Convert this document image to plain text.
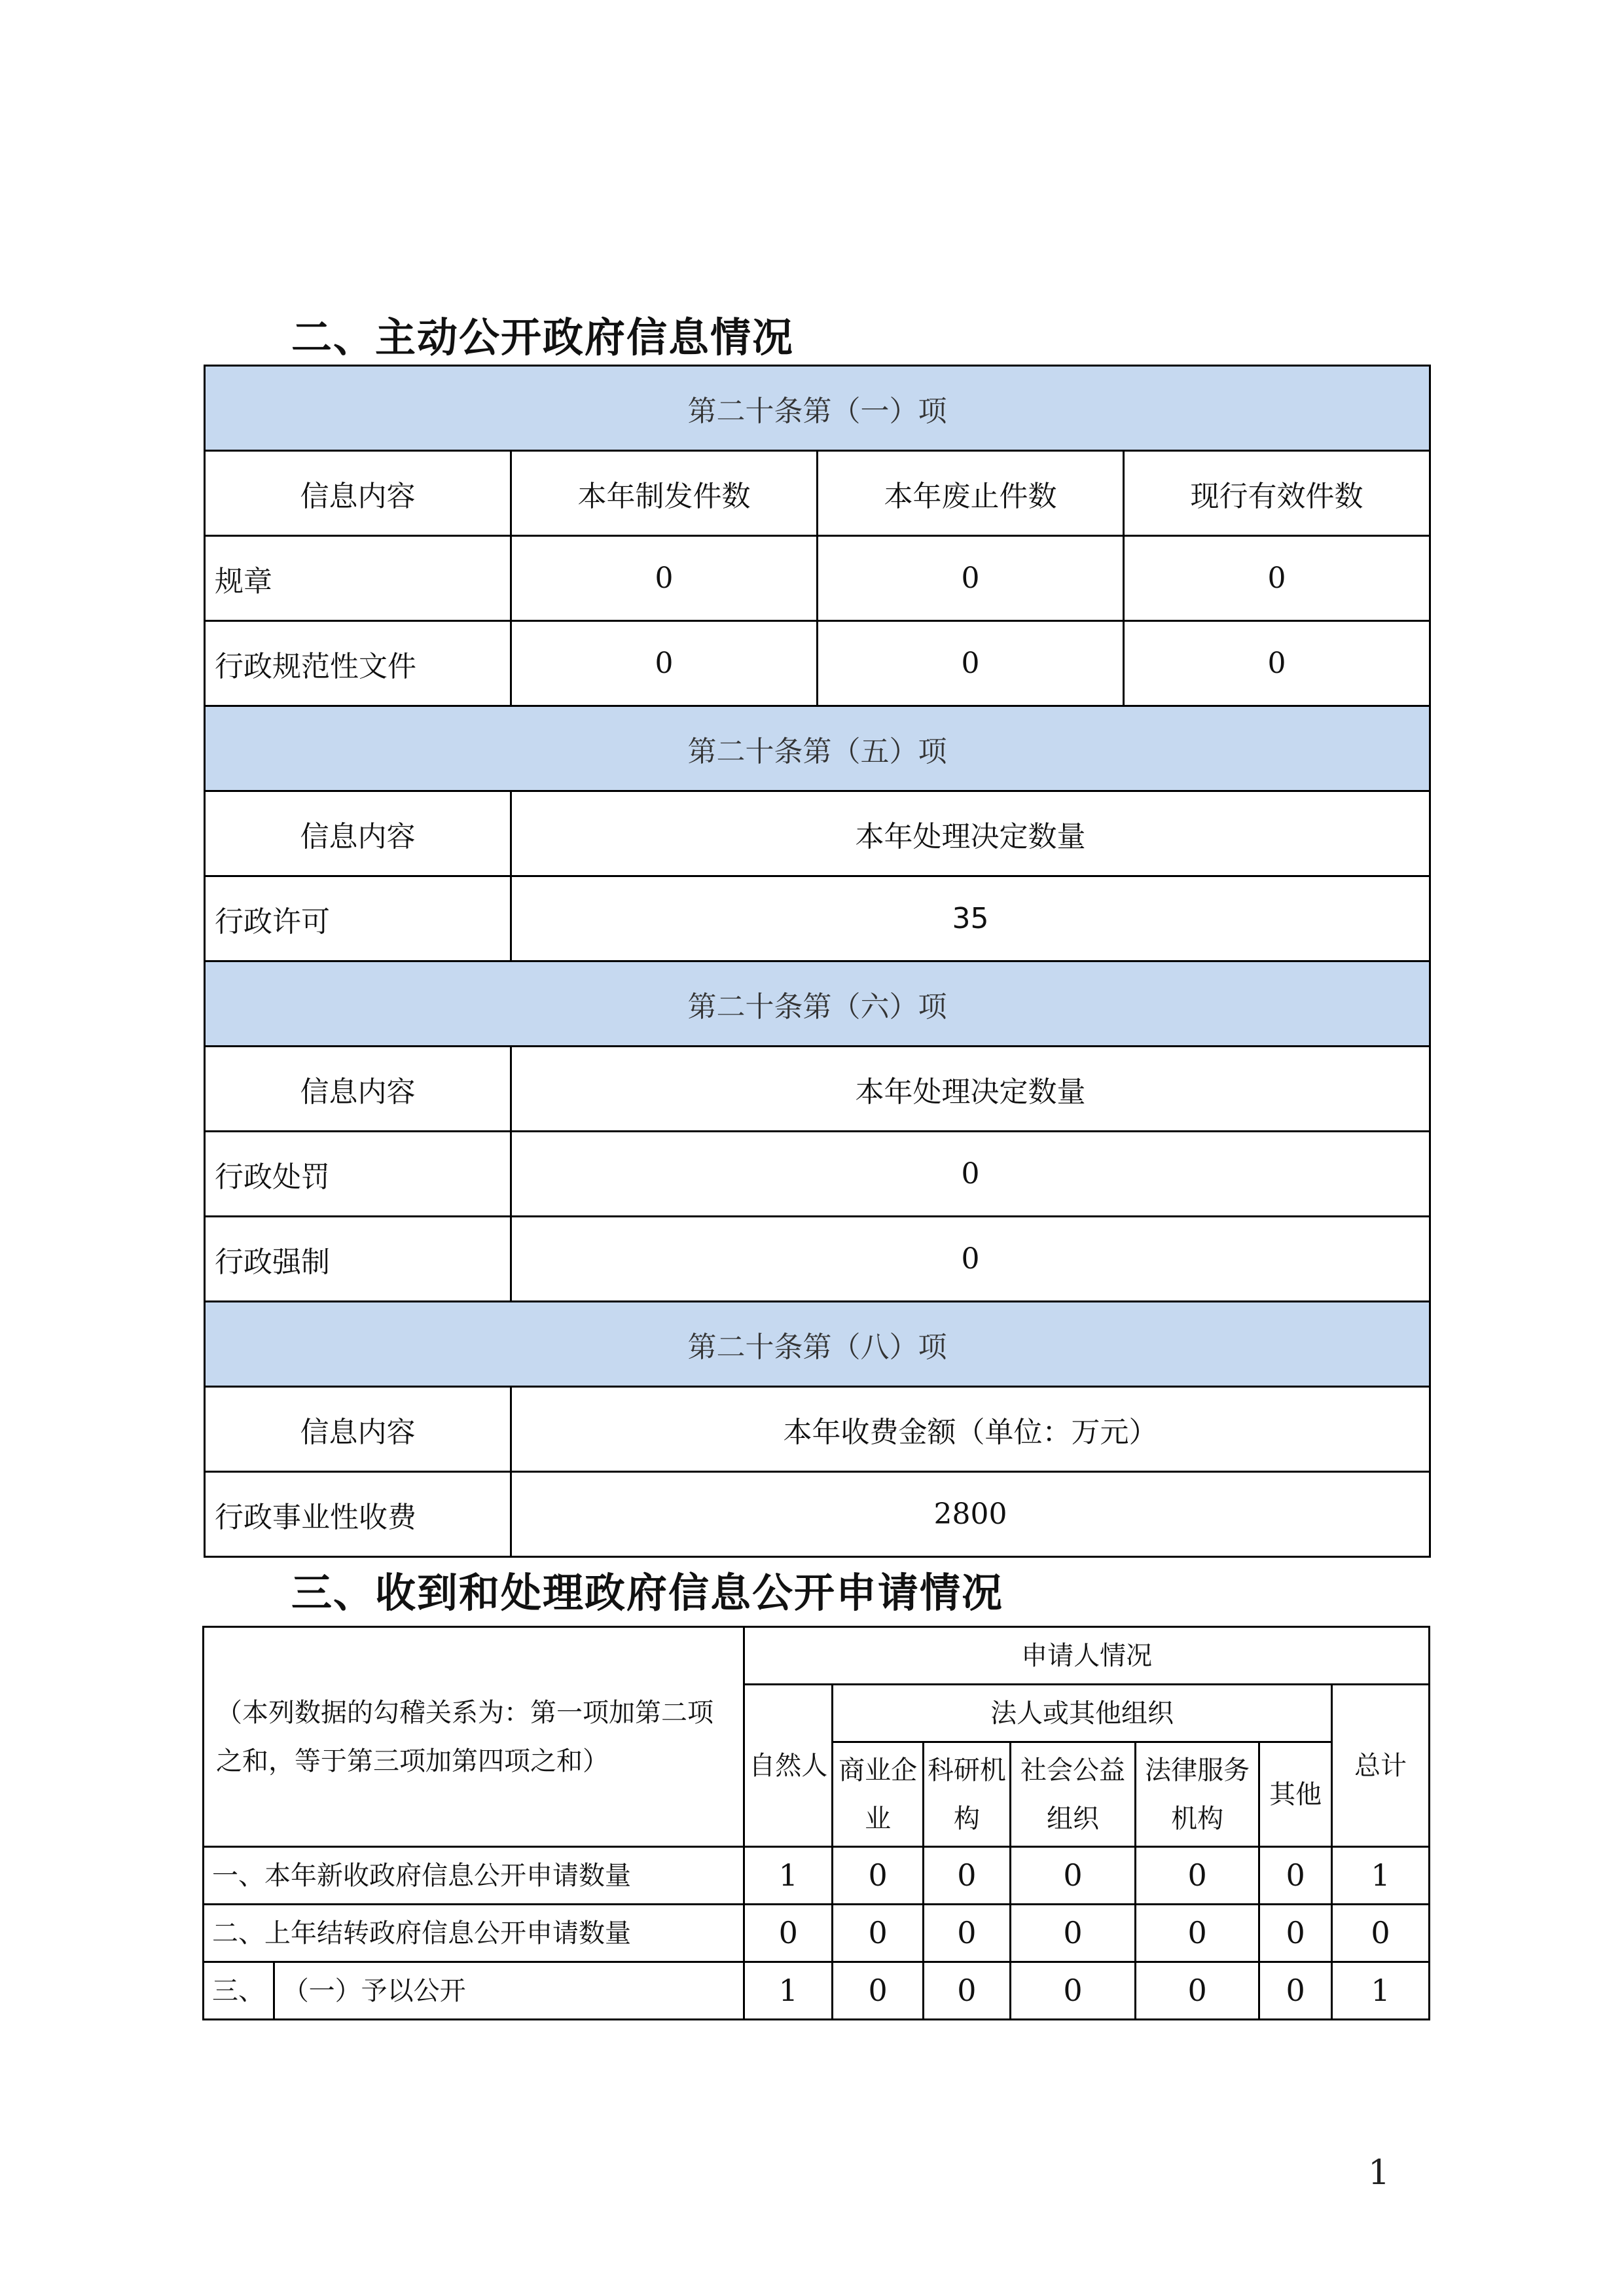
二、主动公开政府信息情况
第二十条第（一）项			
信息内容	本年制发件数	本年废止件数	现行有效件数
规章	0	0	0
行政规范性文件	0	0	0
第二十条第（五）项			
信息内容	本年处理决定数量		
行政许可	35		
第二十条第（六）项			
信息内容	本年处理决定数量		
行政处罚	0		
行政强制	0		
第二十条第（八）项			
信息内容	本年收费金额（单位：万元）		
行政事业性收费	2800		
三、收到和处理政府信息公开申请情况
（本列数据的勾稽关系为：第一项加第二项之和，等于第三项加第四项之和）		申请人情况						
		自然人	法人或其他组织					总计
			商业企业	科研机构	社会公益组织	法律服务机构	其他	
一、本年新收政府信息公开申请数量		1	0	0	0	0	0	1
二、上年结转政府信息公开申请数量		0	0	0	0	0	0	0
三、	（一）予以公开	1	0	0	0	0	0	1
1
